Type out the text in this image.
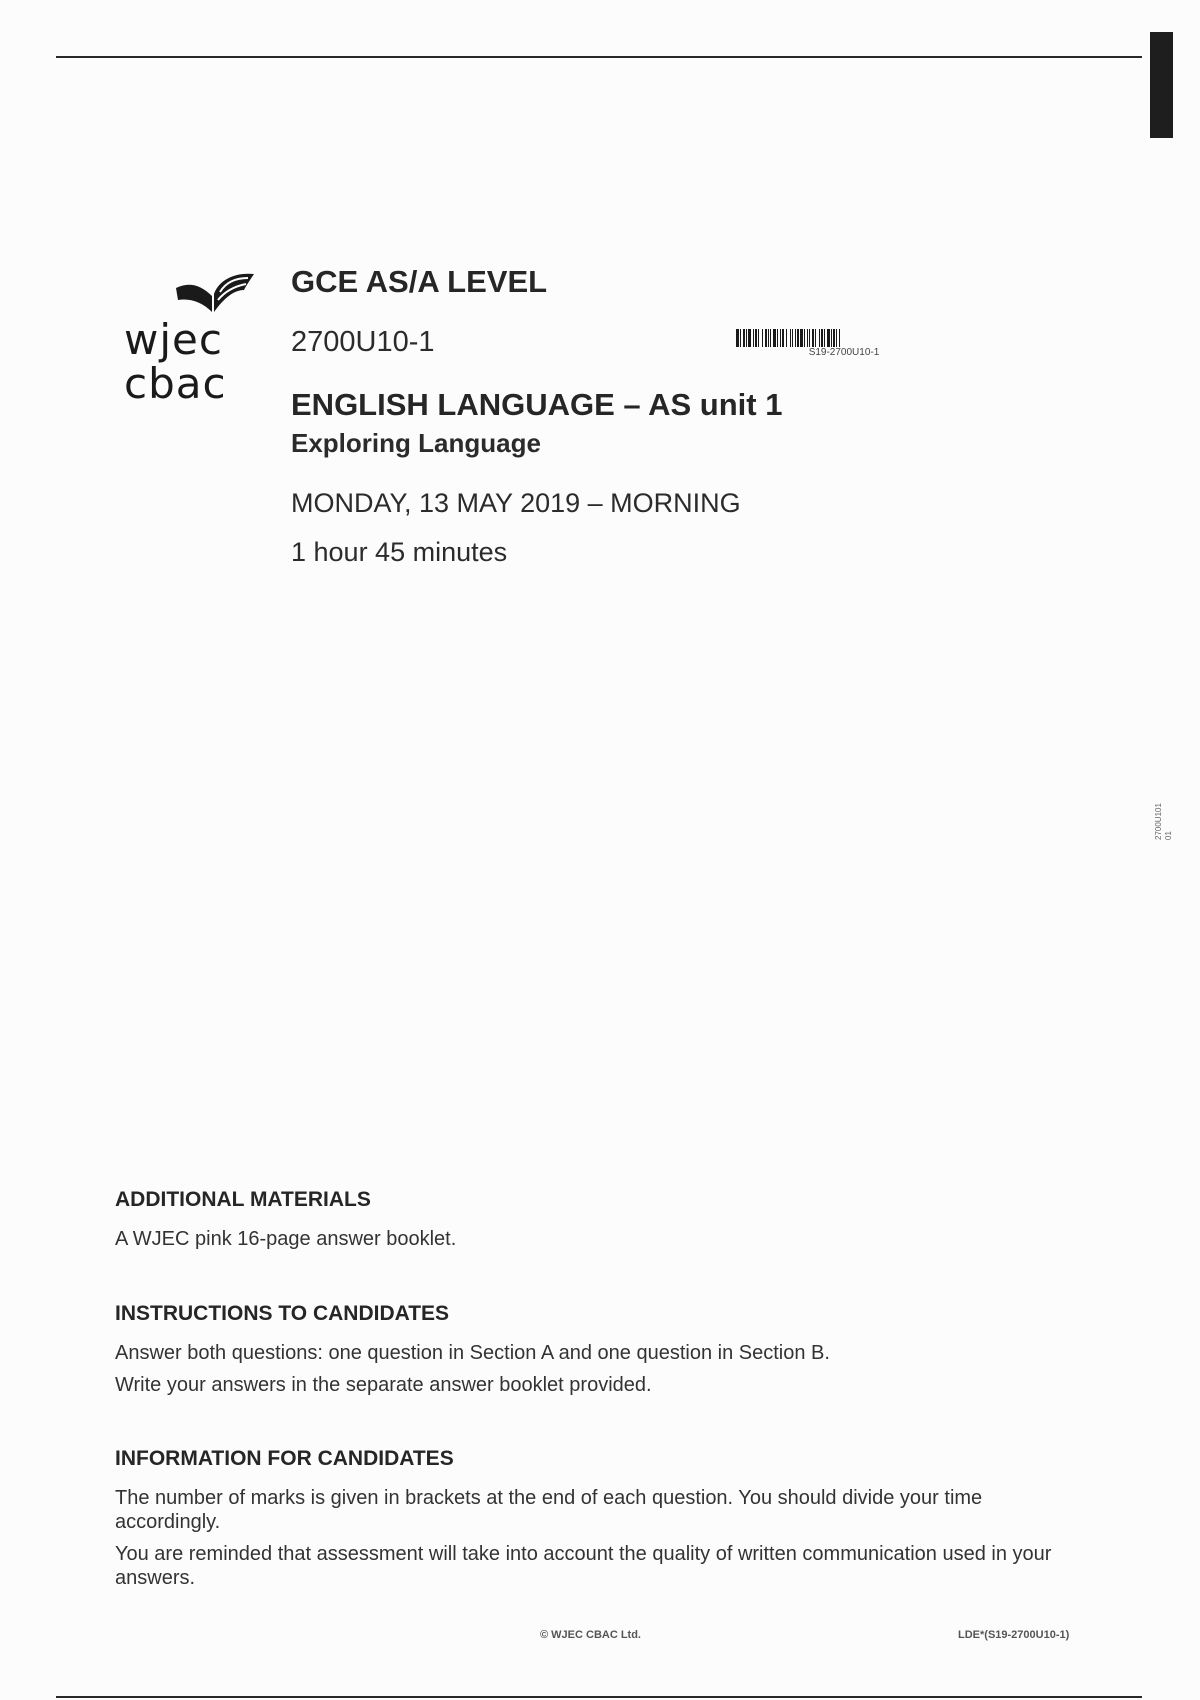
2700U101 01
wjec
cbac
GCE AS/A LEVEL
2700U10-1	S19-2700U10-1
ENGLISH LANGUAGE – AS unit 1
Exploring Language
MONDAY, 13 MAY 2019 – MORNING
1 hour 45 minutes
ADDITIONAL MATERIALS
A WJEC pink 16-page answer booklet.
INSTRUCTIONS TO CANDIDATES
Answer both questions: one question in Section A and one question in Section B.
Write your answers in the separate answer booklet provided.
INFORMATION FOR CANDIDATES
The number of marks is given in brackets at the end of each question. You should divide your time accordingly.
You are reminded that assessment will take into account the quality of written communication used in your answers.
© WJEC CBAC Ltd.	LDE*(S19-2700U10-1)
